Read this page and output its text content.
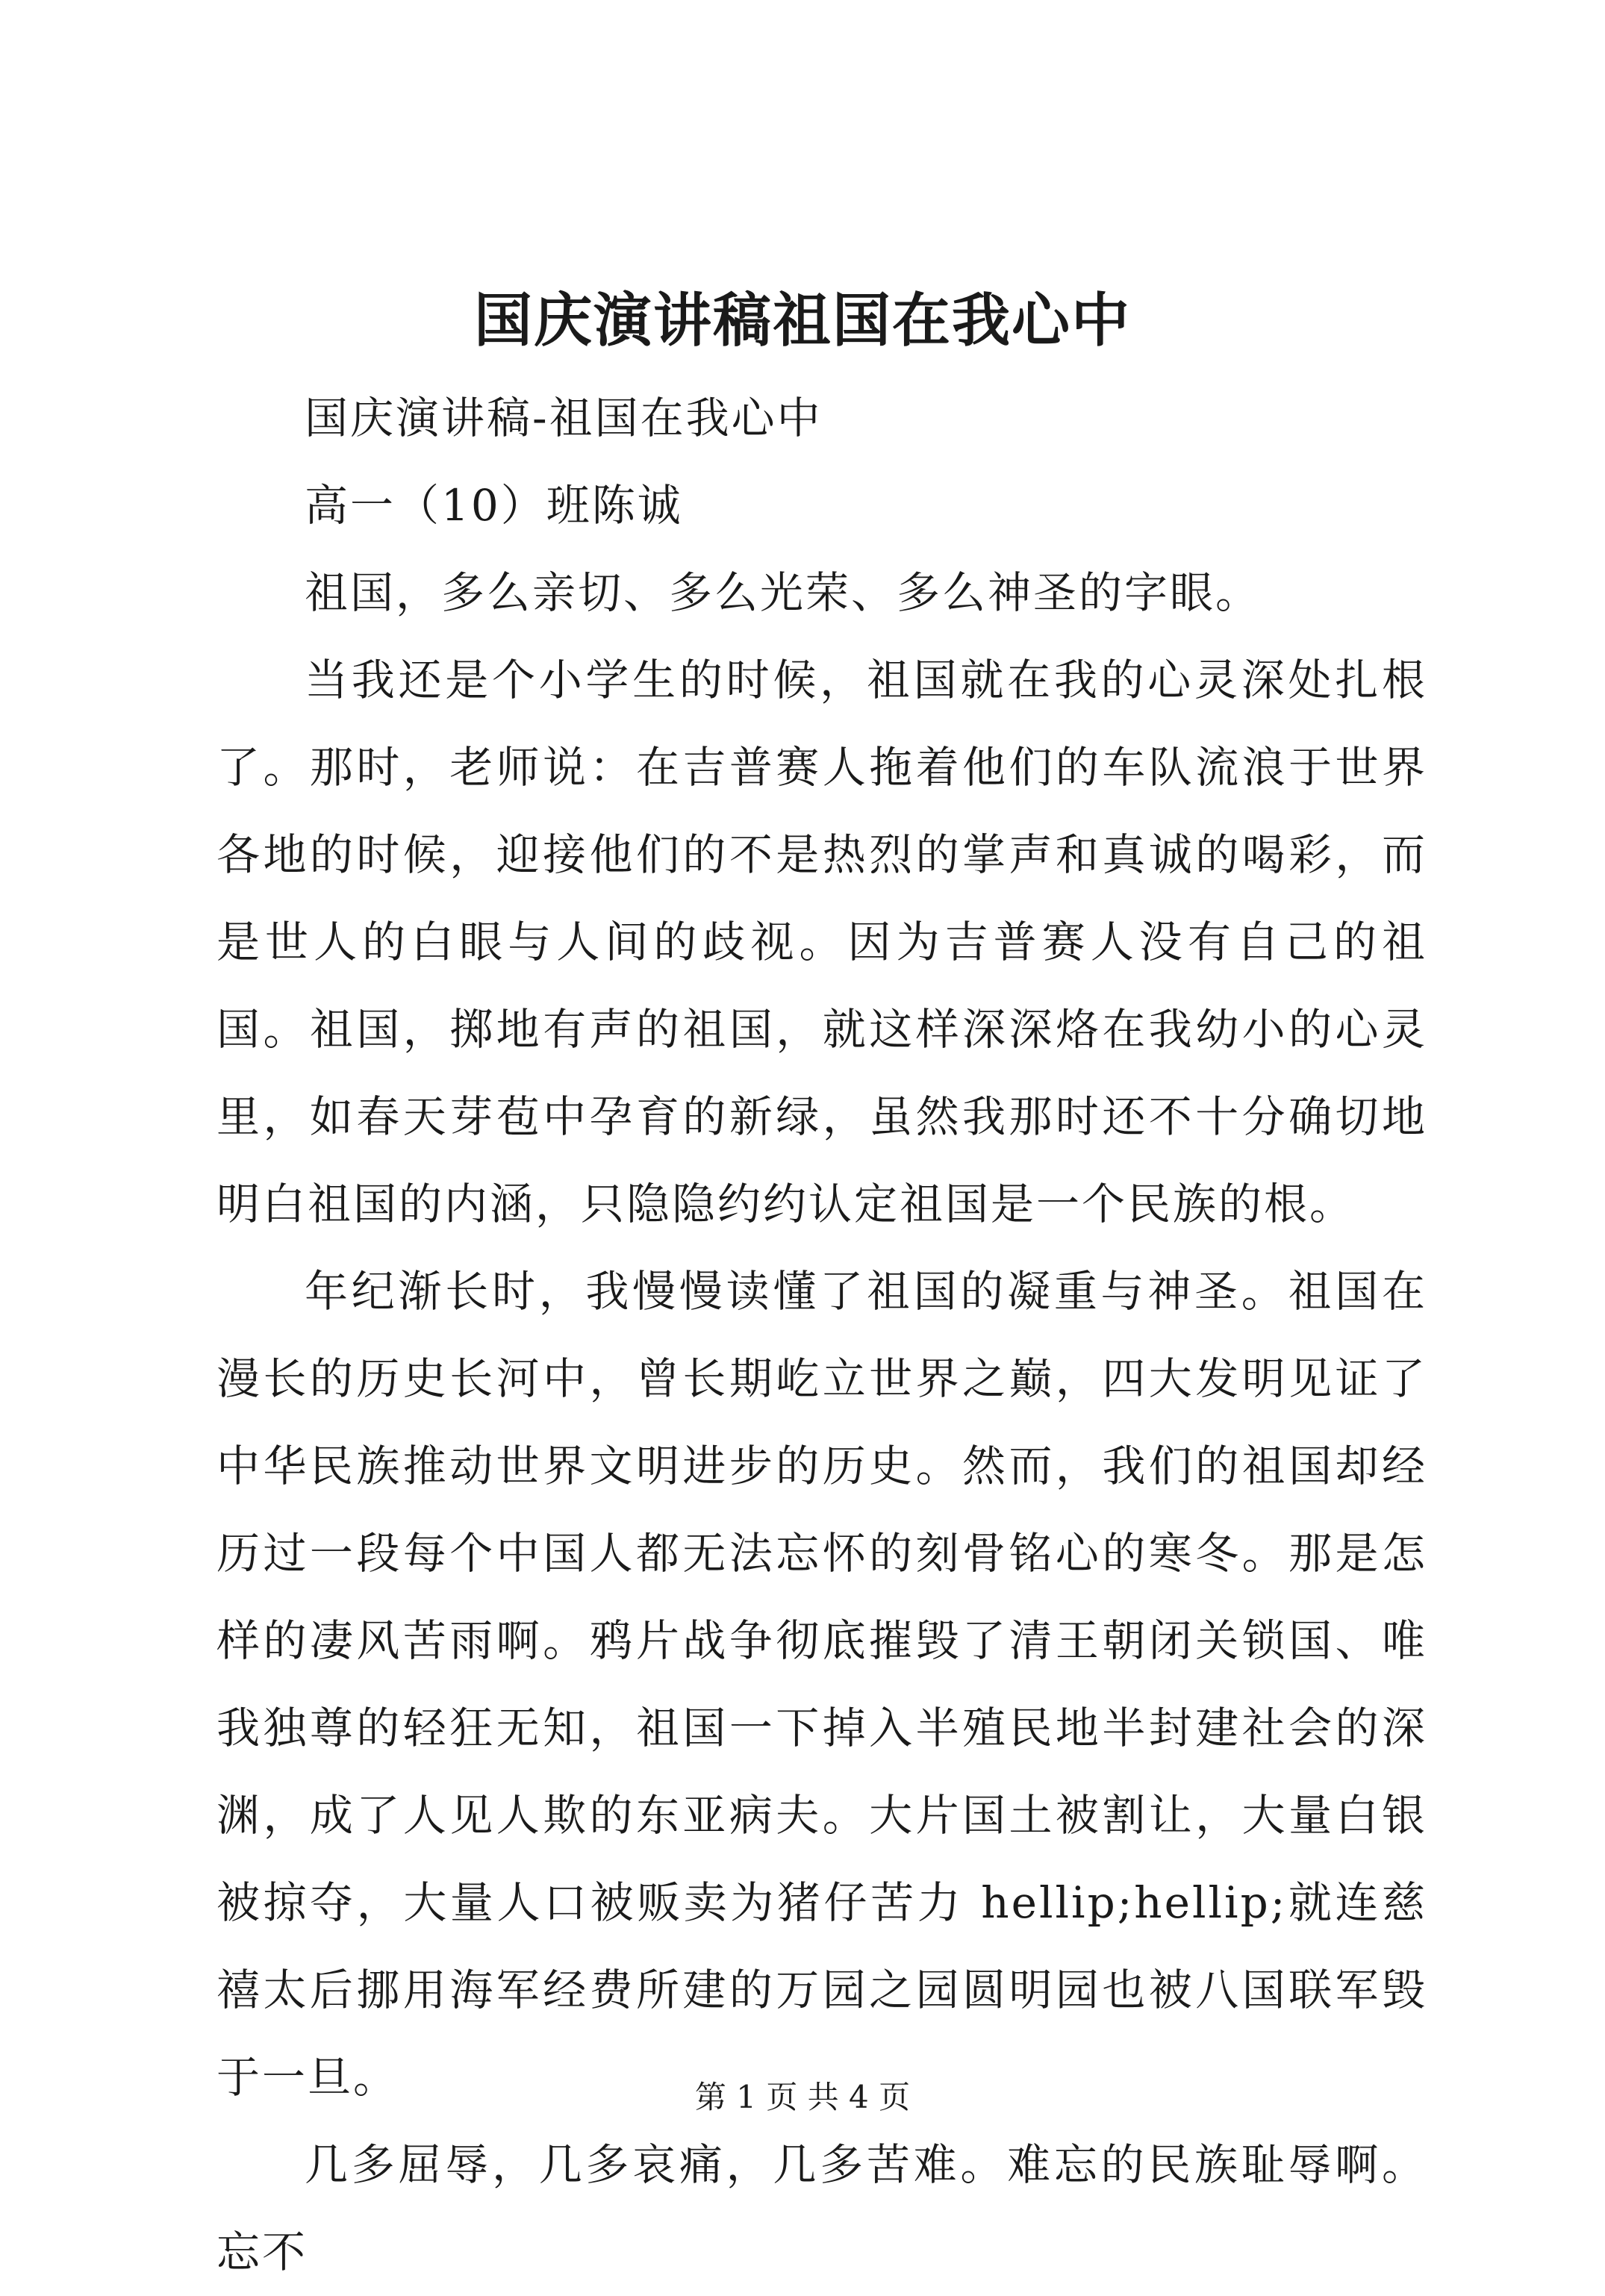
国庆演讲稿祖国在我心中

国庆演讲稿-祖国在我心中

高一（10）班陈诚

祖国，多么亲切、多么光荣、多么神圣的字眼。

当我还是个小学生的时候，祖国就在我的心灵深处扎根了。那时，老师说：在吉普赛人拖着他们的车队流浪于世界各地的时候，迎接他们的不是热烈的掌声和真诚的喝彩，而是世人的白眼与人间的歧视。因为吉普赛人没有自己的祖国。祖国，掷地有声的祖国，就这样深深烙在我幼小的心灵里，如春天芽苞中孕育的新绿，虽然我那时还不十分确切地明白祖国的内涵，只隐隐约约认定祖国是一个民族的根。

年纪渐长时，我慢慢读懂了祖国的凝重与神圣。祖国在漫长的历史长河中，曾长期屹立世界之巅，四大发明见证了中华民族推动世界文明进步的历史。然而，我们的祖国却经历过一段每个中国人都无法忘怀的刻骨铭心的寒冬。那是怎样的凄风苦雨啊。鸦片战争彻底摧毁了清王朝闭关锁国、唯我独尊的轻狂无知，祖国一下掉入半殖民地半封建社会的深渊，成了人见人欺的东亚病夫。大片国土被割让，大量白银被掠夺，大量人口被贩卖为猪仔苦力 hellip;hellip;就连慈禧太后挪用海军经费所建的万园之园圆明园也被八国联军毁于一旦。

几多屈辱，几多哀痛，几多苦难。难忘的民族耻辱啊。忘不

第 1 页 共 4 页
